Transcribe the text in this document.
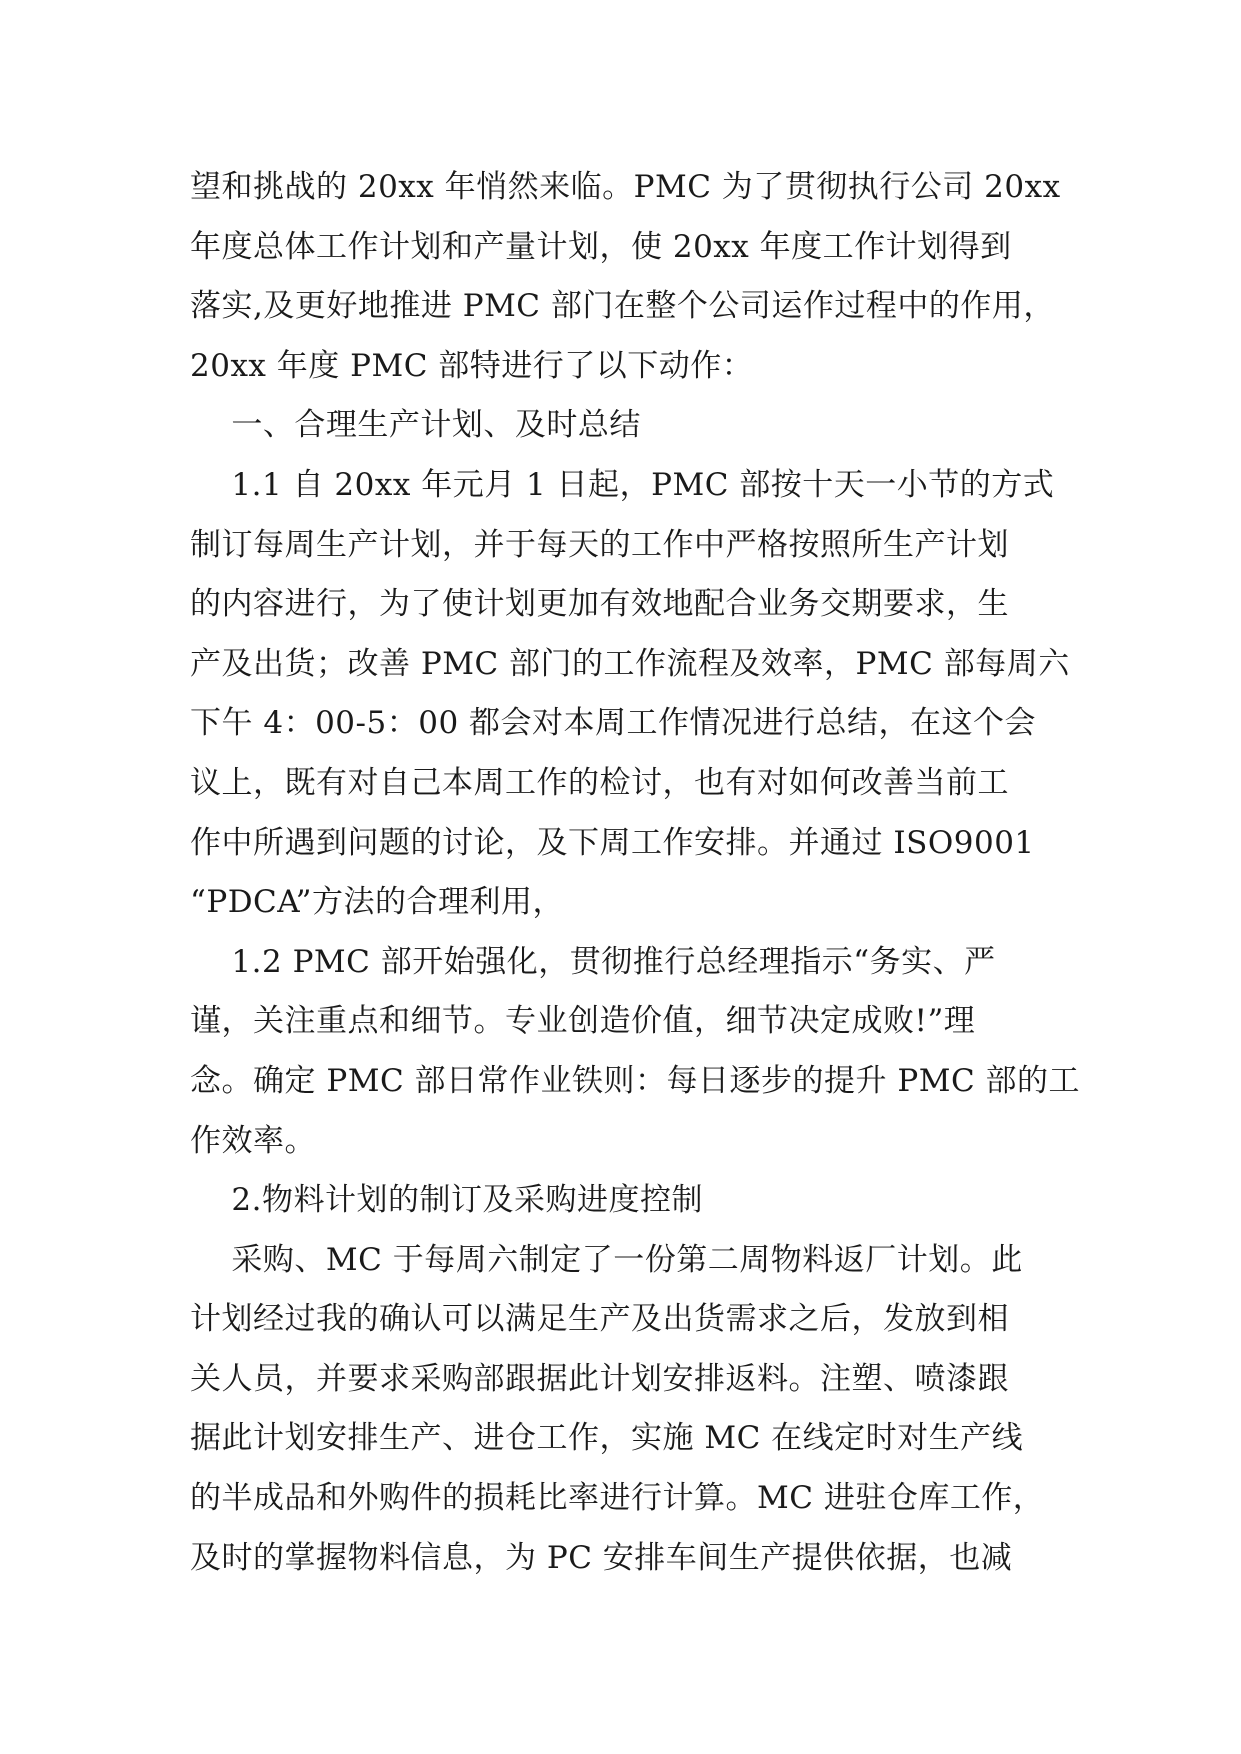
望和挑战的 20xx 年悄然来临。PMC 为了贯彻执行公司 20xx
年度总体工作计划和产量计划，使 20xx 年度工作计划得到
落实,及更好地推进 PMC 部门在整个公司运作过程中的作用，
20xx 年度 PMC 部特进行了以下动作：
一、合理生产计划、及时总结
1.1 自 20xx 年元月 1 日起，PMC 部按十天一小节的方式
制订每周生产计划，并于每天的工作中严格按照所生产计划
的内容进行，为了使计划更加有效地配合业务交期要求，生
产及出货；改善 PMC 部门的工作流程及效率，PMC 部每周六
下午 4：00-5：00 都会对本周工作情况进行总结，在这个会
议上，既有对自己本周工作的检讨，也有对如何改善当前工
作中所遇到问题的讨论，及下周工作安排。并通过 ISO9001
“PDCA”方法的合理利用，
1.2 PMC 部开始强化，贯彻推行总经理指示“务实、严
谨，关注重点和细节。专业创造价值，细节决定成败!”理
念。确定 PMC 部日常作业铁则：每日逐步的提升 PMC 部的工
作效率。
2.物料计划的制订及采购进度控制
采购、MC 于每周六制定了一份第二周物料返厂计划。此
计划经过我的确认可以满足生产及出货需求之后，发放到相
关人员，并要求采购部跟据此计划安排返料。注塑、喷漆跟
据此计划安排生产、进仓工作，实施 MC 在线定时对生产线
的半成品和外购件的损耗比率进行计算。MC 进驻仓库工作，
及时的掌握物料信息，为 PC 安排车间生产提供依据，也减
